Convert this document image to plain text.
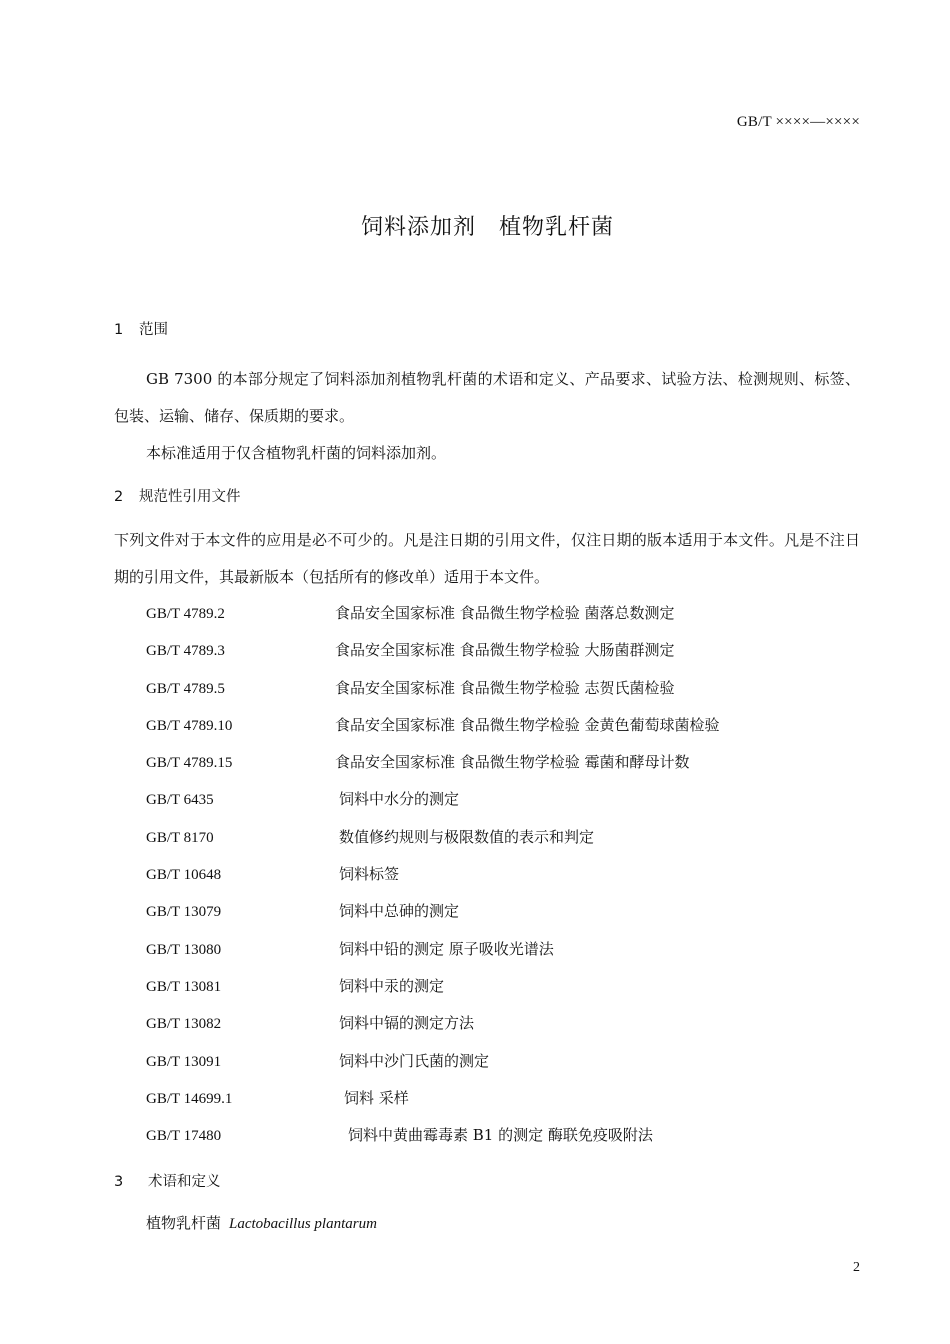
GB/T ××××—××××
饲料添加剂　植物乳杆菌
1 范围
GB 7300 的本部分规定了饲料添加剂植物乳杆菌的术语和定义、产品要求、试验方法、检测规则、标签、包装、运输、储存、保质期的要求。
本标准适用于仅含植物乳杆菌的饲料添加剂。
2 规范性引用文件
下列文件对于本文件的应用是必不可少的。凡是注日期的引用文件，仅注日期的版本适用于本文件。凡是不注日期的引用文件，其最新版本（包括所有的修改单）适用于本文件。
GB/T 4789.2	食品安全国家标准 食品微生物学检验 菌落总数测定
GB/T 4789.3	食品安全国家标准 食品微生物学检验 大肠菌群测定
GB/T 4789.5	食品安全国家标准 食品微生物学检验 志贺氏菌检验
GB/T 4789.10	食品安全国家标准 食品微生物学检验 金黄色葡萄球菌检验
GB/T 4789.15	食品安全国家标准 食品微生物学检验 霉菌和酵母计数
GB/T 6435	饲料中水分的测定
GB/T 8170	数值修约规则与极限数值的表示和判定
GB/T 10648	饲料标签
GB/T 13079	饲料中总砷的测定
GB/T 13080	饲料中铅的测定 原子吸收光谱法
GB/T 13081	饲料中汞的测定
GB/T 13082	饲料中镉的测定方法
GB/T 13091	饲料中沙门氏菌的测定
GB/T 14699.1	饲料 采样
GB/T 17480	饲料中黄曲霉毒素 B1 的测定 酶联免疫吸附法
3 术语和定义
植物乳杆菌 Lactobacillus plantarum
2
